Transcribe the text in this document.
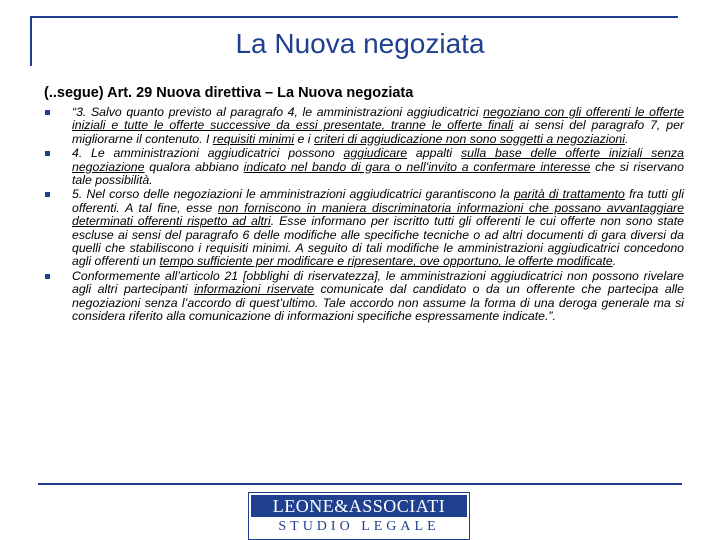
La Nuova negoziata
(..segue) Art. 29 Nuova direttiva – La Nuova negoziata
“3. Salvo quanto previsto al paragrafo 4, le amministrazioni aggiudicatrici negoziano con gli offerenti le offerte iniziali e tutte le offerte successive da essi presentate, tranne le offerte finali ai sensi del paragrafo 7, per migliorarne il contenuto. I requisiti minimi e i criteri di aggiudicazione non sono soggetti a negoziazioni.
4. Le amministrazioni aggiudicatrici possono aggiudicare appalti sulla base delle offerte iniziali senza negoziazione qualora abbiano indicato nel bando di gara o nell’invito a confermare interesse che si riservano tale possibilità.
5. Nel corso delle negoziazioni le amministrazioni aggiudicatrici garantiscono la parità di trattamento fra tutti gli offerenti. A tal fine, esse non forniscono in maniera discriminatoria informazioni che possano avvantaggiare determinati offerenti rispetto ad altri. Esse informano per iscritto tutti gli offerenti le cui offerte non sono state escluse ai sensi del paragrafo 6 delle modifiche alle specifiche tecniche o ad altri documenti di gara diversi da quelli che stabiliscono i requisiti minimi. A seguito di tali modifiche le amministrazioni aggiudicatrici concedono agli offerenti un tempo sufficiente per modificare e ripresentare, ove opportuno, le offerte modificate.
Conformemente all’articolo 21 [obblighi di riservatezza], le amministrazioni aggiudicatrici non possono rivelare agli altri partecipanti informazioni riservate comunicate dal candidato o da un offerente che partecipa alle negoziazioni senza l’accordo di quest’ultimo. Tale accordo non assume la forma di una deroga generale ma si considera riferito alla comunicazione di informazioni specifiche espressamente indicate.”.
LEONE&ASSOCIATI
STUDIO LEGALE
